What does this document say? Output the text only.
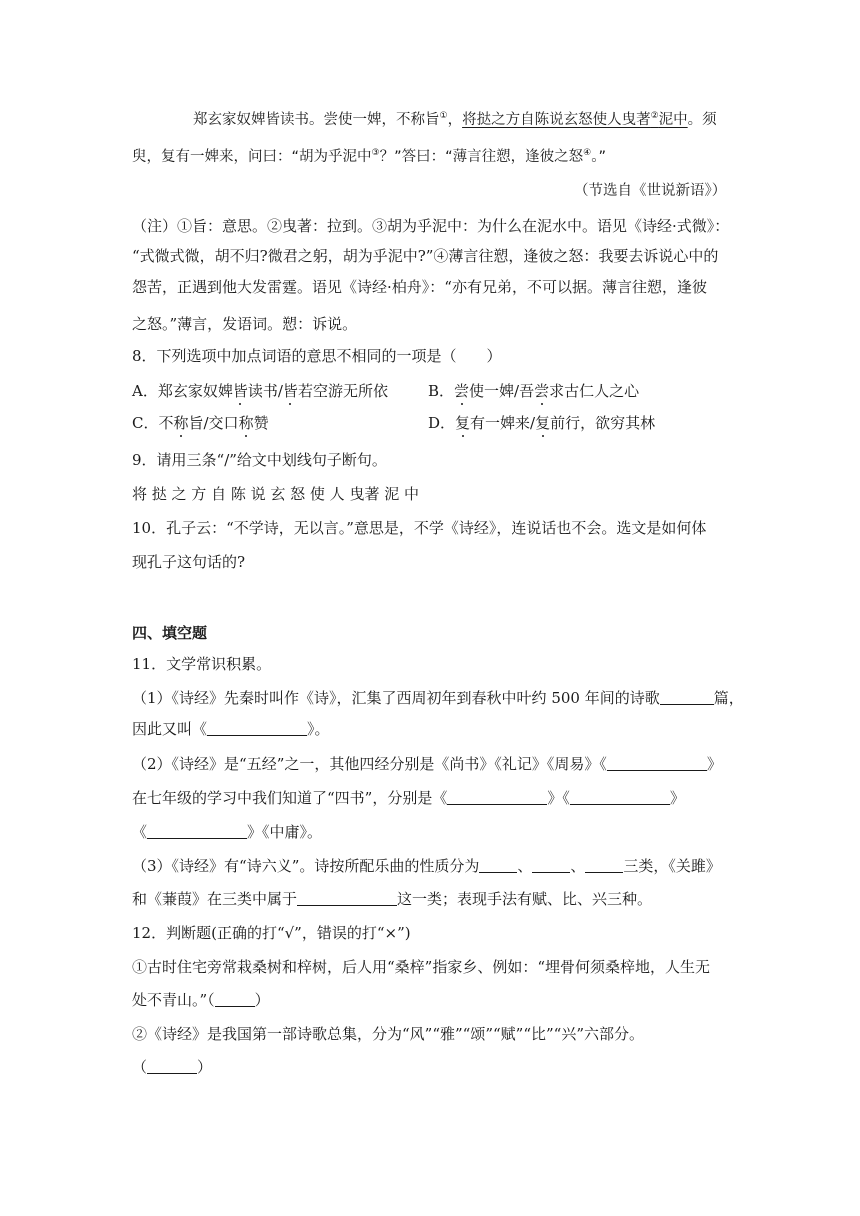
郑玄家奴婢皆读书。尝使一婢，不称旨①，将挞之方自陈说玄怒使人曳著②泥中。须
臾，复有一婢来，问曰：“胡为乎泥中③？”答曰：“薄言往愬，逢彼之怒④。”
（节选自《世说新语》）
（注）①旨：意思。②曳著：拉到。③胡为乎泥中：为什么在泥水中。语见《诗经·式微》：
“式微式微，胡不归?微君之躬，胡为乎泥中?”④薄言往愬，逢彼之怒：我要去诉说心中的
怨苦，正遇到他大发雷霆。语见《诗经·柏舟》：“亦有兄弟，不可以据。薄言往愬，逢彼
之怒。”薄言，发语词。愬：诉说。
8．下列选项中加点词语的意思不相同的一项是（　　）
A．郑玄家奴婢皆读书/皆若空游无所依	B．尝使一婢/吾尝求古仁人之心
C．不称旨/交口称赞	D．复有一婢来/复前行，欲穷其林
9．请用三条“/”给文中划线句子断句。
将 挞 之 方 自 陈 说 玄 怒 使 人 曳著 泥 中
10．孔子云：“不学诗，无以言。”意思是，不学《诗经》，连说话也不会。选文是如何体
现孔子这句话的?
四、填空题
11．文学常识积累。
（1）《诗经》先秦时叫作《诗》，汇集了西周初年到春秋中叶约 500 年间的诗歌	篇，
因此又叫《	》。
（2）《诗经》是“五经”之一，其他四经分别是《尚书》《礼记》《周易》《	》
在七年级的学习中我们知道了“四书”，分别是《	》《	》
《	》《中庸》。
（3）《诗经》有“诗六义”。诗按所配乐曲的性质分为	、	、	三类，《关雎》
和《蒹葭》在三类中属于	这一类；表现手法有赋、比、兴三种。
12．判断题(正确的打“√”，错误的打“×”)
①古时住宅旁常栽桑树和梓树，后人用“桑梓”指家乡、例如：“埋骨何须桑梓地，人生无
处不青山。”（	）
②《诗经》是我国第一部诗歌总集，分为“风”“雅”“颂”“赋”“比”“兴”六部分。
（	）
